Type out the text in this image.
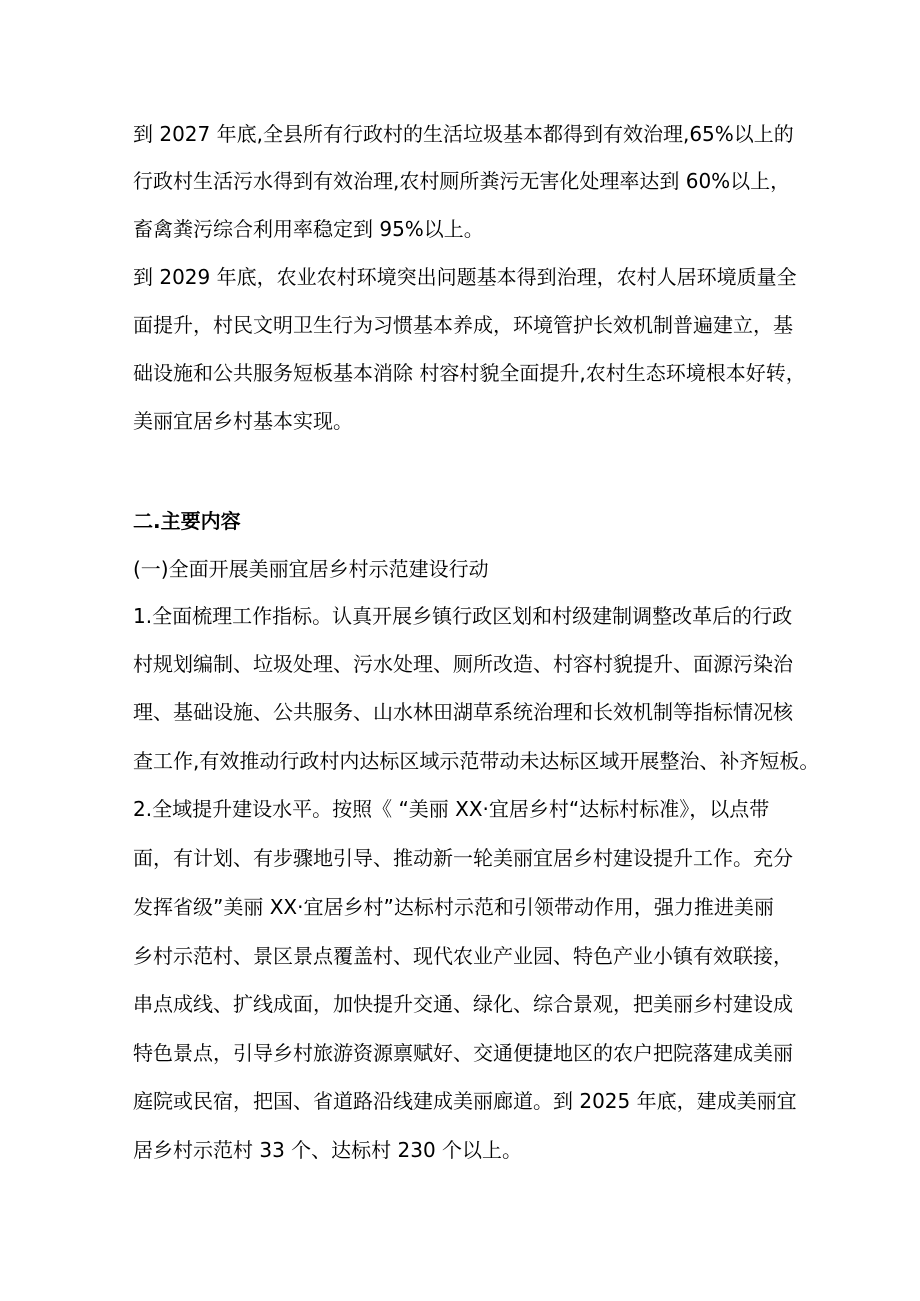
到 2027 年底,全县所有行政村的生活垃圾基本都得到有效治理,65%以上的
行政村生活污水得到有效治理,农村厕所粪污无害化处理率达到 60%以上，
畜禽粪污综合利用率稳定到 95%以上。
到 2029 年底，农业农村环境突出问题基本得到治理，农村人居环境质量全
面提升，村民文明卫生行为习惯基本养成，环境管护长效机制普遍建立，基
础设施和公共服务短板基本消除 村容村貌全面提升,农村生态环境根本好转，
美丽宜居乡村基本实现。
二.主要内容
(一)全面开展美丽宜居乡村示范建设行动
1.全面梳理工作指标。认真开展乡镇行政区划和村级建制调整改革后的行政
村规划编制、垃圾处理、污水处理、厕所改造、村容村貌提升、面源污染治
理、基础设施、公共服务、山水林田湖草系统治理和长效机制等指标情况核
查工作,有效推动行政村内达标区域示范带动未达标区域开展整治、补齐短板。
2.全域提升建设水平。按照《 “美丽 XX·宜居乡村“达标村标准》，以点带
面，有计划、有步骤地引导、推动新一轮美丽宜居乡村建设提升工作。充分
发挥省级”美丽 XX·宜居乡村”达标村示范和引领带动作用，强力推进美丽
乡村示范村、景区景点覆盖村、现代农业产业园、特色产业小镇有效联接，
串点成线、扩线成面，加快提升交通、绿化、综合景观，把美丽乡村建设成
特色景点，引导乡村旅游资源禀赋好、交通便捷地区的农户把院落建成美丽
庭院或民宿，把国、省道路沿线建成美丽廊道。到 2025 年底，建成美丽宜
居乡村示范村 33 个、达标村 230 个以上。
